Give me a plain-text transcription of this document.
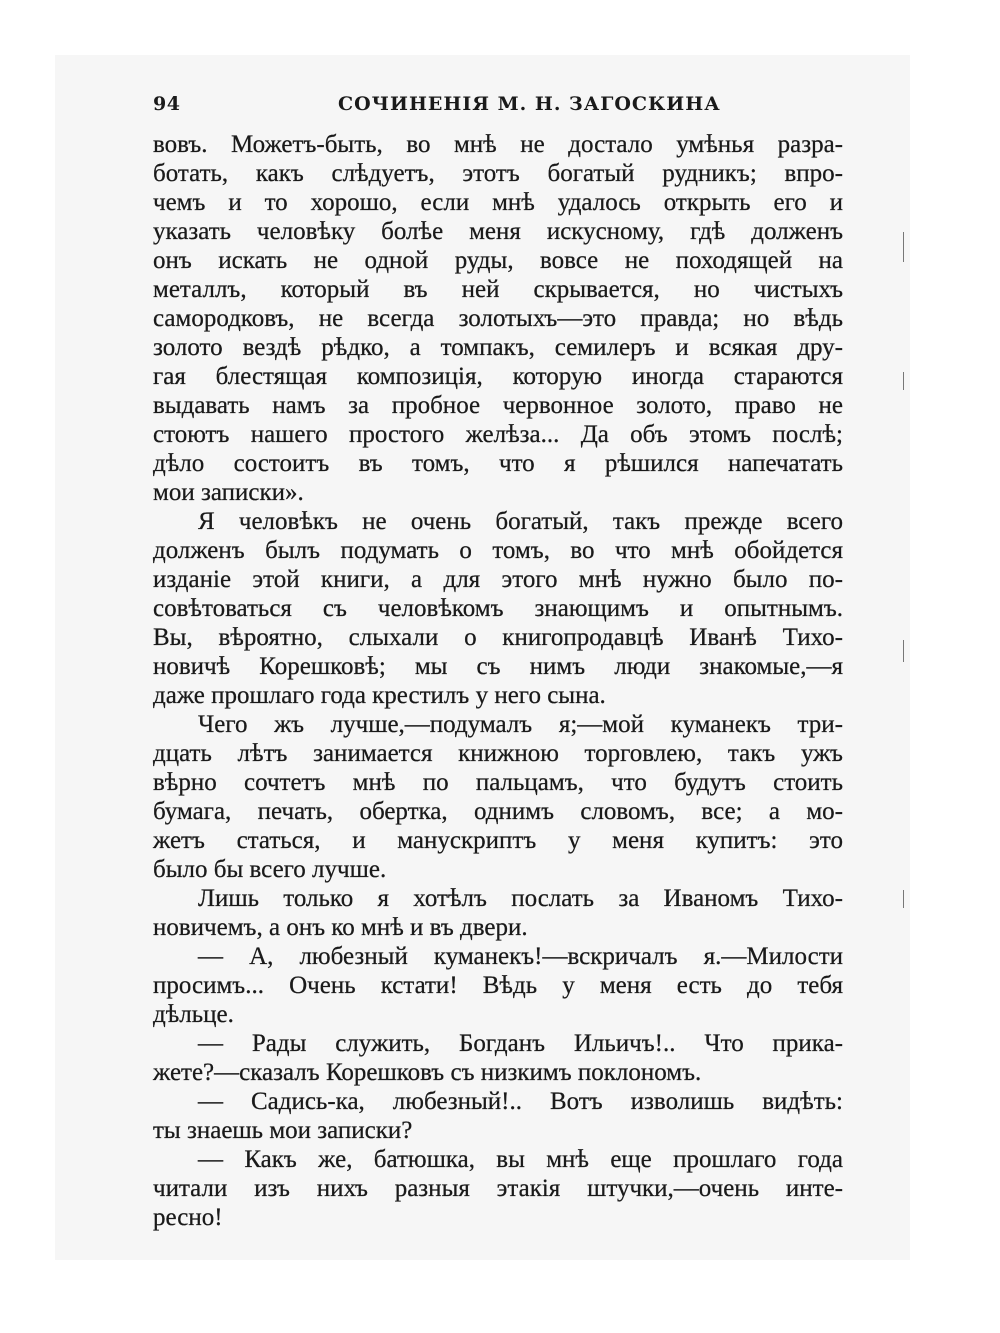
94	СОЧИНЕНІЯ М. Н. ЗАГОСКИНА
вовъ. Можетъ-быть, во мнѣ не достало умѣнья разра-
ботать, какъ слѣдуетъ, этотъ богатый рудникъ; впро-
чемъ и то хорошо, если мнѣ удалось открыть его и
указать человѣку болѣе меня искусному, гдѣ долженъ
онъ искать не одной руды, вовсе не походящей на
металлъ, который въ ней скрывается, но чистыхъ
самородковъ, не всегда золотыхъ—это правда; но вѣдь
золото вездѣ рѣдко, а томпакъ, семилеръ и всякая дру-
гая блестящая композиція, которую иногда стараются
выдавать намъ за пробное червонное золото, право не
стоютъ нашего простого желѣза... Да объ этомъ послѣ;
дѣло состоитъ въ томъ, что я рѣшился напечатать
мои записки».
Я человѣкъ не очень богатый, такъ прежде всего
долженъ былъ подумать о томъ, во что мнѣ обойдется
изданіе этой книги, а для этого мнѣ нужно было по-
совѣтоваться съ человѣкомъ знающимъ и опытнымъ.
Вы, вѣроятно, слыхали о книгопродавцѣ Иванѣ Тихо-
новичѣ Корешковѣ; мы съ нимъ люди знакомые,—я
даже прошлаго года крестилъ у него сына.
Чего жъ лучше,—подумалъ я;—мой куманекъ три-
дцать лѣтъ занимается книжною торговлею, такъ ужъ
вѣрно сочтетъ мнѣ по пальцамъ, что будутъ стоить
бумага, печать, обертка, однимъ словомъ, все; а мо-
жетъ статься, и манускриптъ у меня купитъ: это
было бы всего лучше.
Лишь только я хотѣлъ послать за Иваномъ Тихо-
новичемъ, а онъ ко мнѣ и въ двери.
— А, любезный куманекъ!—вскричалъ я.—Милости
просимъ... Очень кстати! Вѣдь у меня есть до тебя
дѣльце.
— Рады служить, Богданъ Ильичъ!.. Что прика-
жете?—сказалъ Корешковъ съ низкимъ поклономъ.
— Садись-ка, любезный!.. Вотъ изволишь видѣть:
ты знаешь мои записки?
— Какъ же, батюшка, вы мнѣ еще прошлаго года
читали изъ нихъ разныя этакія штучки,—очень инте-
ресно!
